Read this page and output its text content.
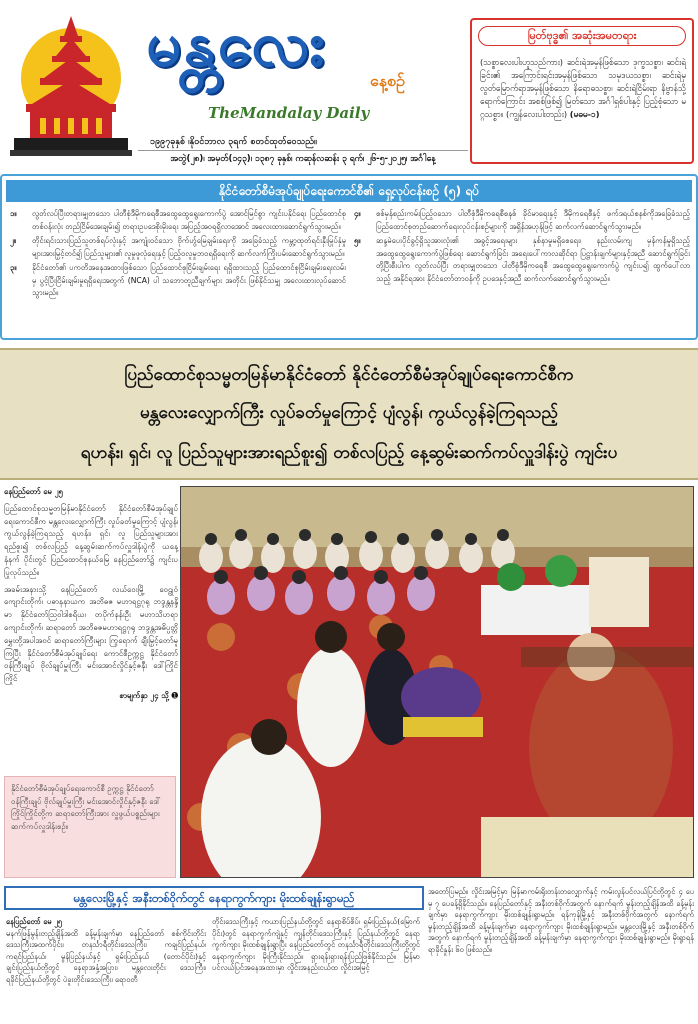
မန္တလေး
နေ့စဉ်
TheMandalay Daily
၁၉၉၇ခုနှစ် ၊နိုဝင်ဘာလ ၃ရက် စတင်ထုတ်ဝေသည်။
မြတ်ဗုဒ္ဓ၏ အဆုံးအမတရား
(သစ္စာလေးပါးဟူသည်ကား) ဆင်းရဲအမှန်ဖြစ်သော ဒုက္ခသစ္စာ၊ ဆင်းရဲခြင်း၏ အကြောင်းရင်းအမှန်ဖြစ်သော သမုဒယသစ္စာ၊ ဆင်းရဲမှ လွတ်မြောက်ရာအမှန်ဖြစ်သော နိရောဓသစ္စာ၊ ဆင်းရဲငြိမ်းရာ နိဗ္ဗာန်သို့ရောက်ကြောင်း အစစ်ဖြစ်၍ မြတ်သော အင်္ဂါရှစ်ပါးနှင့် ပြည့်စုံသော မဂ္ဂသစ္စာ။ (ကျွန်လေးပါးတည်း) (မဓမ-၁)
အတွဲ(၂၈)၊ အမှတ်(၁၄၃)၊ ၁၃၈၇ ခုနှစ်၊ ကဆုန်လဆန်း ၃ ရက်၊ ၂၆-၅-၂၀၂၅၊ အင်္ဂါနေ့
နိုင်ငံတော်စီမံအုပ်ချုပ်ရေးကောင်စီ၏ ရှေ့လုပ်ငန်းစဉ် (၅) ရပ်
၁။	လွတ်လပ်ပြီးတရားမျှတသော ပါတီစုံဒီမိုကရေစီအထွေထွေရွေးကောက်ပွဲ အောင်မြင်စွာ ကျင်းပနိုင်ရေး ပြည်ထောင်စုတစ်ဝန်းလုံး တည်ငြိမ်အေးချမ်း၍ တရားဥပဒေစိုးမိုးရေး အပြည့်အဝရရှိလာအောင် အလေးထားဆောင်ရွက်သွားမည်။
၂။	တိုင်းရင်းသားပြည်သူတစ်ရပ်လုံးနှင့် အကျုံးဝင်သော ဗိုက်ဟွ်မြေချမ်းရေးကို အခြေခံသည့် ကမ္ဘာ့ထုတ်ရင်းနှီးမြုပ်နှံမှုများအားမြှင့်တင်၍ ပြည်သူများ၏ လူမှုဖူလုံရေးနှင့် ပြည့်ဝလူမှုဘဝရရှိရေးကို ဆက်လက်ကြိုးပမ်းဆောင်ရွက်သွားမည်။
၃။	နိုင်ငံတော်၏ ပကတိအနေအထားဖြစ်သော ပြည်ထောင်စုငြိမ်းချမ်းရေး ရရှိထားသည့် ပြည်ထောင်စုငြိမ်းချမ်းရေးလမ်းမှ ပွင့်ပြီးငြိမ်းချမ်းမှုရရှိရေးအတွက် (NCA) ပါ သဘောတူညီချက်များ အတိုင်း ဖြစ်နိုင်သမျှ အလေးထားလုပ်ဆောင်သွားမည်။
၄။	စစ်မှန်စည်းကမ်းပြည့်ဝသော ပါတီစုံဒီမိုကရေစီစနစ် ခိုင်မာရေးနှင့် ဒီမိုကရေစီနှင့် ဖက်ဒရယ်စနစ်ကိုအခြေခံသည့် ပြည်ထောင်စုတည်ဆောက်ရေးလုပ်ငန်းစဉ်များကို အရှိန်အဟုန်ဖြင့် ဆက်လက်ဆောင်ရွက်သွားမည်။
၅။	ဆန္ဒမဲပေးပိုင်ခွင့်ရှိသူအားလုံး၏ အခွင့်အရေးများ နှစ်နာမှုမရှိစေရေး၊ နည်းလမ်းကျ မှန်ကန်မှုရှိသည့် အထွေထွေရွေးကောက်ပွဲဖြစ်ရေး ဆောင်ရွက်ခြင်း အရေးပေါ်ကာလဆိုင်ရာ ပြဋ္ဌာန်းချက်များနှင့်အညီ ဆောင်ရွက်ခြင်းတို့ပြီးစီးပါက လွတ်လပ်ပြီး တရားမျှတသော ပါတီစုံဒီမိုကရေစီ အထွေထွေရွေးကောက်ပွဲ ကျင်းပ၍ ထွက်ပေါ်လာသည့် အနိုင်ရအား နိုင်ငံတော်တာဝန်ကို ဥပဒေနှင့်အညီ ဆက်လက်ဆောင်ရွက်သွားမည်။
ပြည်ထောင်စုသမ္မတမြန်မာနိုင်ငံတော် နိုင်ငံတော်စီမံအုပ်ချုပ်ရေးကောင်စီက
မန္တလေးလျှောက်ကြီး လှုပ်ခတ်မှုကြောင့် ပျံလွန်၊ ကွယ်လွန်ခဲ့ကြရသည့်
ရဟန်း၊ ရှင်၊ လူ ပြည်သူများအားရည်စူး၍ တစ်လပြည့် နေ့ဆွမ်းဆက်ကပ်လှူဒါန်းပွဲ ကျင်းပ

နေပြည်တော် မေ ၂၅

ပြည်ထောင်စုသမ္မတမြန်မာနိုင်ငံတော် နိုင်ငံတော်စီမံအုပ်ချုပ်ရေးကောင်စီက မန္တလေးလျှောက်ကြီး လှုပ်ခတ်မှုကြောင့် ပျံလွန်၊ ကွယ်လွန်ခဲ့ကြရသည့် ရဟန်း၊ ရှင်၊ လူ ပြည်သူများအားရည်စူး၍ တစ်လပြည့် နေ့ဆွမ်းဆက်ကပ်လှူဒါန်းပွဲကို ယနေ့ နံနက် ပိုင်းတွင် ပြည်ထောင်စုနယ်မြေ နေပြည်တော်၌ ကျင်းပပြုလုပ်သည်။

အခမ်းအနားသို့ နေပြည်တော် လယ်ဝေးမြို့ ဝေဠုဝံကျောင်းတိုက်၊ ပဓာနနာယက အဘိဓဇ မဟာရဋ္ဌဂုရု ဘဒ္ဒန္တနန္ဒိမာ နိုင်ငံတော်ဩဝါဒါစရိယ၊ တပိုက်နန်းဦး မဟာသိဟရာကျောင်းတိုက်၊ ဆရာတော် အဘိဓဇမဟာရဋ္ဌဂုရု ဘဒ္ဒန္တအဓိပ္ပတ္တိမွှေးတို့အပါအဝင် ဆရာတော်ကြီးများ ကြွရောက် ချီးမြှင့်တော်မူကြပြီး နိုင်ငံတော်စီမံအုပ်ချုပ်ရေး ကောင်စီဥက္ကဋ္ဌ နိုင်ငံတော်ဝန်ကြီးချုပ် ဗိုလ်ချုပ်မှူးကြီး မင်းအောင်လှိုင်နှင့်ဇနီး ဒေါ်ကြိုင်ကြိုင်

စာမျက်နှာ ၂၄ သို့ ➊
နိုင်ငံတော်စီမံအုပ်ချုပ်ရေးကောင်စီ ဥက္ကဋ္ဌ နိုင်ငံတော်ဝန်ကြီးချုပ် ဗိုလ်ချုပ်မှူးကြီး မင်းအောင်လှိုင်နှင့်ဇနီး ဒေါ်ကြိုင်ကြိုင်တို့က ဆရာတော်ကြီးအား လှူဖွယ်ပစ္စည်းများ ဆက်ကပ်လှူဒါန်းစဉ်။
မန္တလေးမြို့နှင့် အနီးတစ်ဝိုက်တွင် နေရာကွက်ကျား မိုးထစ်ချုန်းရွာမည်
နေပြည်တော် မေ ၂၅
မနက်ဖြန်မွန်းတည့်ချိန်အထိ ခန့်မှန်းချက်မှာ နေပြည်တော် စစ်ကိုင်းတိုင်းဒေသကြီးအထက်ပိုင်း၊ တနင်္သာရီတိုင်းဒေသကြီး၊ ကချင်ပြည်နယ်၊ ကရင်ပြည်နယ်၊ မွန်ပြည်နယ်နှင့် ရှမ်းပြည်နယ် (တောင်ပိုင်း)နှင့် ချင်းပြည်နယ်တို့တွင် နေရာအနှံ့အပြား၊ မန္တလေးတိုင်း ဒေသကြီး၊ ရခိုင်ပြည်နယ်တို့တွင် ပဲခူးတိုင်းဒေသကြီး၊ ရောဝတီ
တိုင်းဒေသကြီးနှင့် ကယားပြည်နယ်တို့တွင် နေရာစိပ်စိပ်၊ ရှမ်းပြည်နယ်(မြောက်ပိုင်း)တွင် နေရာကွက်ကျဲနှင့် ကျန်တိုင်းဒေသကြီးနှင့် ပြည်နယ်တို့တွင် နေရာကွက်ကျား မိုးထစ်ချုန်းရွာပြီး နေပြည်တော်တွင် တနင်္သာရီတိုင်းဒေသကြီးတို့တွင် နေရာကွက်ကျား မိုးကြီးနိုင်သည်။ ရှားရန်းရှားရန်းပြည်ဖြစ်နိုင်သည်။ မြန်မာပင်လယ်ပြင်အနေအထားမှာ လှိုင်းအနည်းငယ်ထ လှိုင်းအမြင့်
အတော်ပြမည်။ လှိုင်းအမြင့်မှာ မြန်မာကမ်းရိုးတန်းတလျှောက်နှင့် ကမ်းလွန်ပင်လယ်ပြင်တို့တွင် ၄ ပေမှ ၇ ပေခန့်ရှိနိုင်သည်။ နေပြည်တော်နှင့် အနီးတစ်ဝိုက်အတွက် နောက်ရက် မွန်းတည့်ချိန်အထိ ခန့်မှန်းချက်မှာ နေရာကွက်ကျား မိုးထစ်ချုန်းရွာမည်။ ရန်ကုန်မြို့နှင့် အနီးတစ်ဝိုက်အတွက် နောက်ရက် မွန်းတည့်ချိန်အထိ ခန့်မှန်းချက်မှာ နေရာကွက်ကျား မိုးထစ်ချုန်းရွာမည်။ မန္တလေးမြို့နှင့် အနီးတစ်ဝိုက်အတွက် နောက်ရက် မွန်းတည့်ချိန်အထိ ခန့်မှန်းချက်မှာ နေရာကွက်ကျား မိုးထစ်ချုန်းရွာမည်။ မိုးရွာရန် ရာခိုင်နှုန်း ၆၀ ဖြစ်သည်။
